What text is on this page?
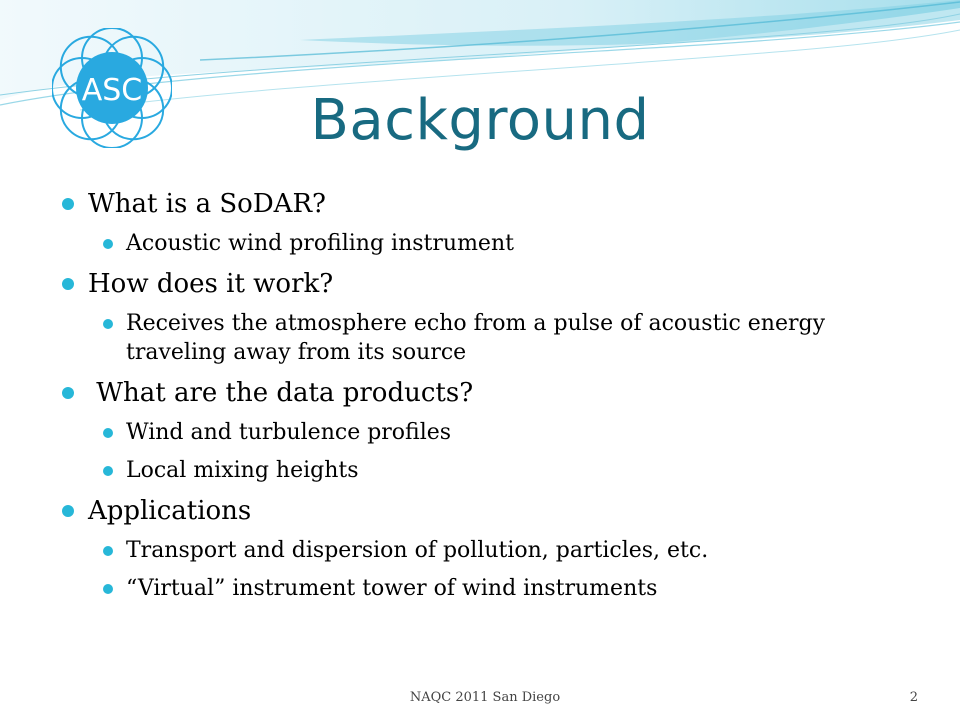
ASC	Background
What is a SoDAR?
Acoustic wind profiling instrument
How does it work?
Receives the atmosphere echo from a pulse of acoustic energy traveling away from its source
What are the data products?
Wind and turbulence profiles
Local mixing heights
Applications
Transport and dispersion of pollution, particles, etc.
“Virtual” instrument tower of wind instruments
NAQC 2011 San Diego	2
